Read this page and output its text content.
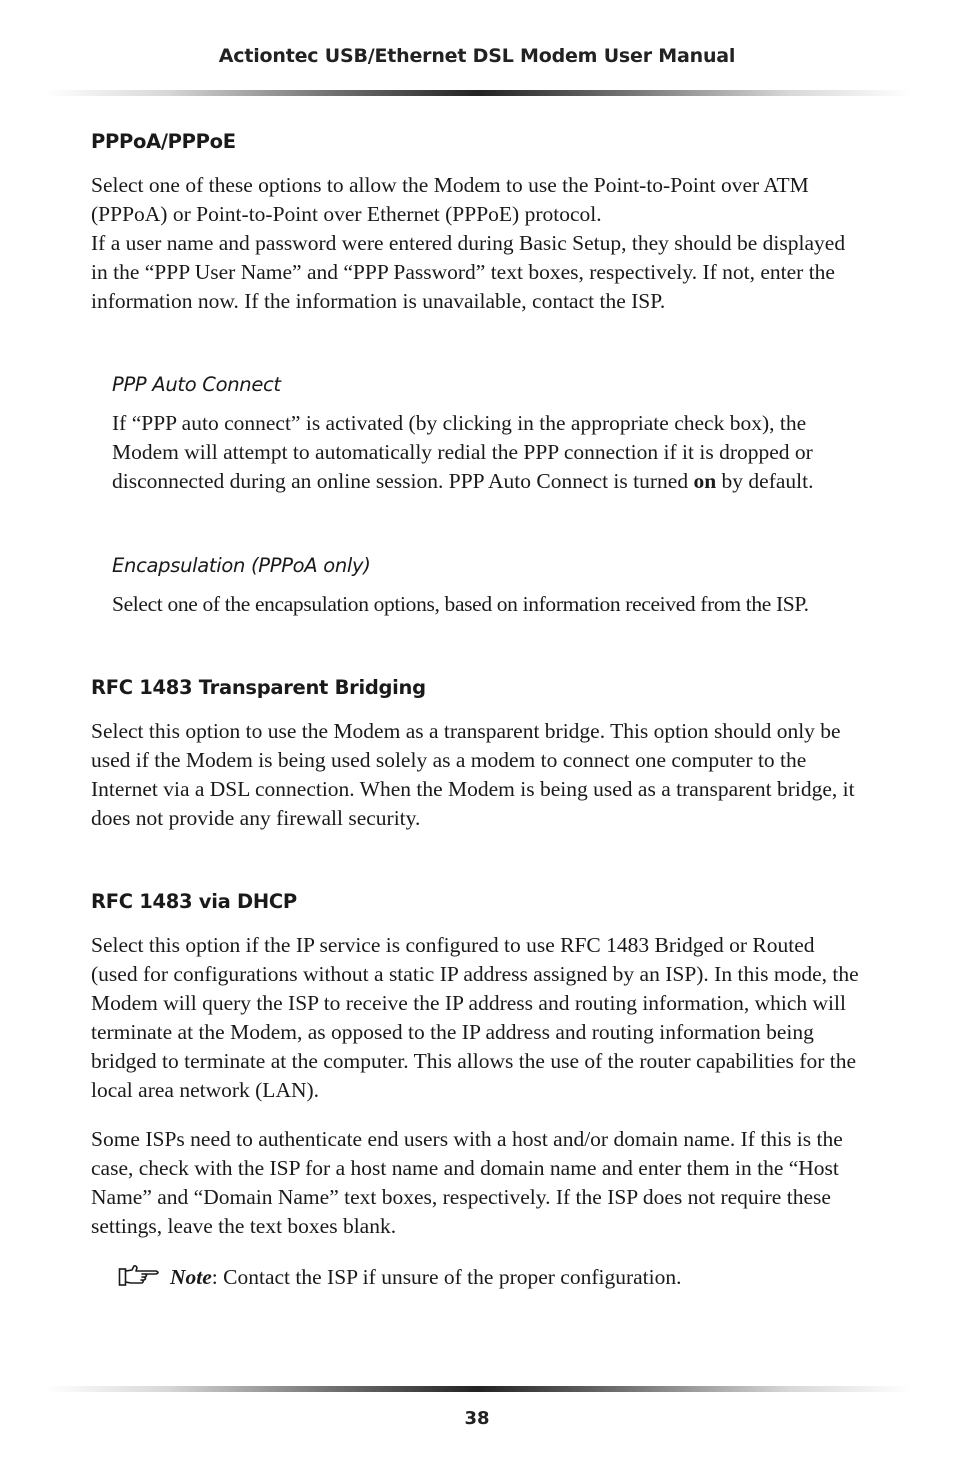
Actiontec USB/Ethernet DSL Modem User Manual
PPPoA/PPPoE
Select one of these options to allow the Modem to use the Point-to-Point over ATM (PPPoA) or Point-to-Point over Ethernet (PPPoE) protocol.
If a user name and password were entered during Basic Setup, they should be displayed in the “PPP User Name” and “PPP Password” text boxes, respectively. If not, enter the information now. If the information is unavailable, contact the ISP.
PPP Auto Connect
If “PPP auto connect” is activated (by clicking in the appropriate check box), the Modem will attempt to automatically redial the PPP connection if it is dropped or disconnected during an online session. PPP Auto Connect is turned on by default.
Encapsulation (PPPoA only)
Select one of the encapsulation options, based on information received from the ISP.
RFC 1483 Transparent Bridging
Select this option to use the Modem as a transparent bridge. This option should only be used if the Modem is being used solely as a modem to connect one computer to the Internet via a DSL connection. When the Modem is being used as a transparent bridge, it does not provide any firewall security.
RFC 1483 via DHCP
Select this option if the IP service is configured to use RFC 1483 Bridged or Routed (used for configurations without a static IP address assigned by an ISP). In this mode, the Modem will query the ISP to receive the IP address and routing information, which will terminate at the Modem, as opposed to the IP address and routing information being bridged to terminate at the computer. This allows the use of the router capabilities for the local area network (LAN).
Some ISPs need to authenticate end users with a host and/or domain name. If this is the case, check with the ISP for a host name and domain name and enter them in the “Host Name” and “Domain Name” text boxes, respectively. If the ISP does not require these settings, leave the text boxes blank.
Note: Contact the ISP if unsure of the proper configuration.
38
